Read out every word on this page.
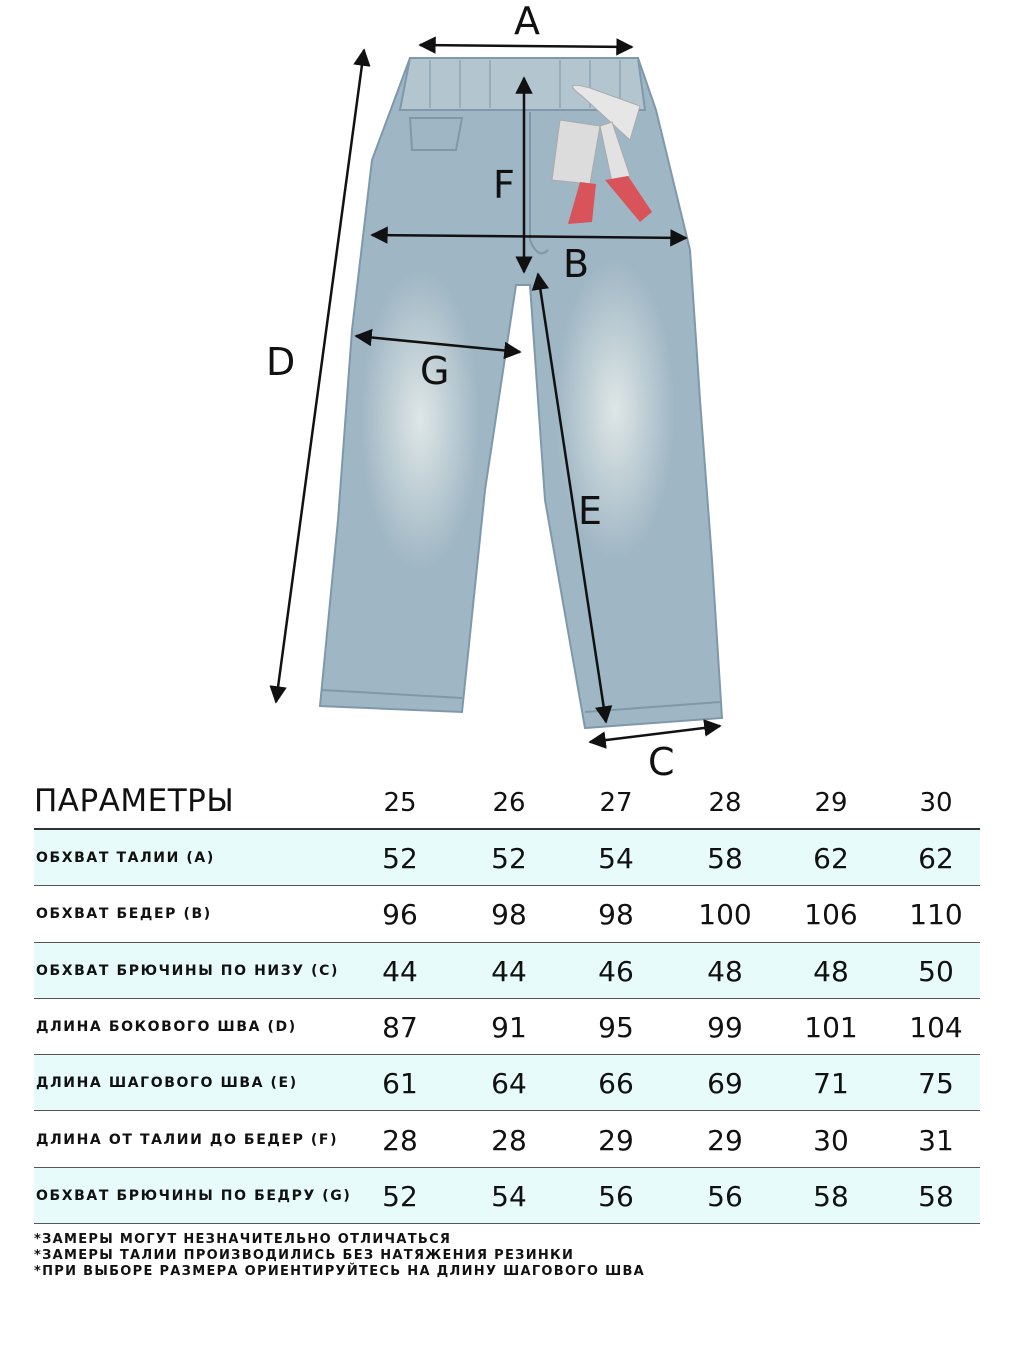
A
F
B
D	G
E
C
ПАРАМЕТРЫ	25	26	27	28	29	30
ОБХВАТ ТАЛИИ (A)	52	52	54	58	62	62
ОБХВАТ БЕДЕР (B)	96	98	98	100	106	110
ОБХВАТ БРЮЧИНЫ ПО НИЗУ (C)	44	44	46	48	48	50
ДЛИНА БОКОВОГО ШВА (D)	87	91	95	99	101	104
ДЛИНА ШАГОВОГО ШВА (E)	61	64	66	69	71	75
ДЛИНА ОТ ТАЛИИ ДО БЕДЕР (F)	28	28	29	29	30	31
ОБХВАТ БРЮЧИНЫ ПО БЕДРУ (G)	52	54	56	56	58	58
*ЗАМЕРЫ МОГУТ НЕЗНАЧИТЕЛЬНО ОТЛИЧАТЬСЯ
*ЗАМЕРЫ ТАЛИИ ПРОИЗВОДИЛИСЬ БЕЗ НАТЯЖЕНИЯ РЕЗИНКИ
*ПРИ ВЫБОРЕ РАЗМЕРА ОРИЕНТИРУЙТЕСЬ НА ДЛИНУ ШАГОВОГО ШВА
